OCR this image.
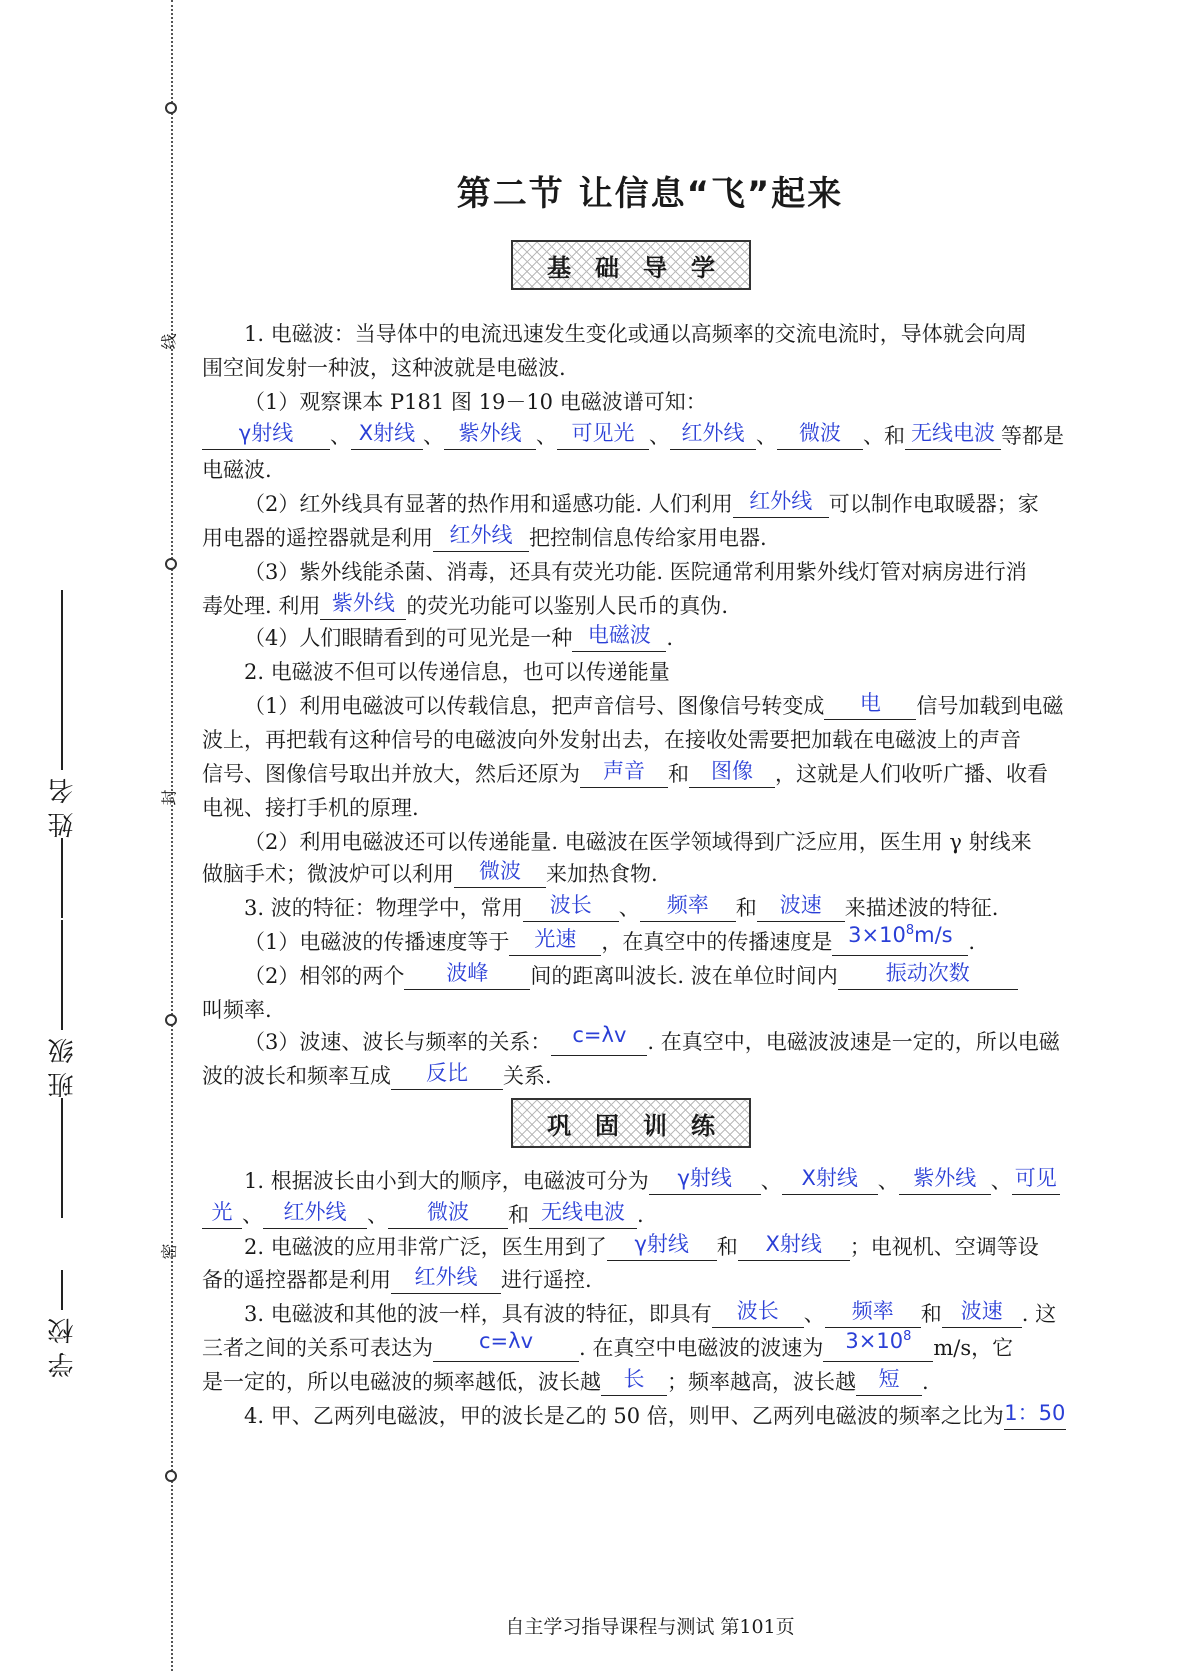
线
封
密
姓名
班级
学校
第二节 让信息“飞”起来
基础导学
1. 电磁波：当导体中的电流迅速发生变化或通以高频率的交流电流时，导体就会向周
围空间发射一种波，这种波就是电磁波.
（1）观察课本 P181 图 19－10 电磁波谱可知：
γ射线 、 X射线 、 紫外线 、 可见光 、 红外线 、 微波 、和 无线电波 等都是
电磁波.
（2）红外线具有显著的热作用和遥感功能. 人们利用 红外线 可以制作电取暖器；家
用电器的遥控器就是利用 红外线 把控制信息传给家用电器.
（3）紫外线能杀菌、消毒，还具有荧光功能. 医院通常利用紫外线灯管对病房进行消
毒处理. 利用 紫外线 的荧光功能可以鉴别人民币的真伪.
（4）人们眼睛看到的可见光是一种 电磁波 .
2. 电磁波不但可以传递信息，也可以传递能量
（1）利用电磁波可以传载信息，把声音信号、图像信号转变成 电 信号加载到电磁
波上，再把载有这种信号的电磁波向外发射出去，在接收处需要把加载在电磁波上的声音
信号、图像信号取出并放大，然后还原为 声音 和 图像 ，这就是人们收听广播、收看
电视、接打手机的原理.
（2）利用电磁波还可以传递能量. 电磁波在医学领域得到广泛应用，医生用 γ 射线来
做脑手术；微波炉可以利用 微波 来加热食物.
3. 波的特征：物理学中，常用 波长 、 频率 和 波速 来描述波的特征.
（1）电磁波的传播速度等于 光速 ，在真空中的传播速度是 $3\times 10^8m/s$ .
（2）相邻的两个 波峰 间的距离叫波长. 波在单位时间内 振动次数
叫频率.
（3）波速、波长与频率的关系： c=λv . 在真空中，电磁波波速是一定的，所以电磁
波的波长和频率互成 反比 关系.
巩固训练
1. 根据波长由小到大的顺序，电磁波可分为 γ射线 、 X射线 、 紫外线 、 可见
光 、 红外线 、 微波 和 无线电波 .
2. 电磁波的应用非常广泛，医生用到了 γ射线 和 X射线 ；电视机、空调等设
备的遥控器都是利用 红外线 进行遥控.
3. 电磁波和其他的波一样，具有波的特征，即具有 波长 、 频率 和 波速 . 这
三者之间的关系可表达为 c=λv . 在真空中电磁波的波速为 $3\times 10^8$ m/s，它
是一定的，所以电磁波的频率越低，波长越 长 ；频率越高，波长越 短 .
4. 甲、乙两列电磁波，甲的波长是乙的 50 倍，则甲、乙两列电磁波的频率之比为1：50
自主学习指导课程与测试 第101页
